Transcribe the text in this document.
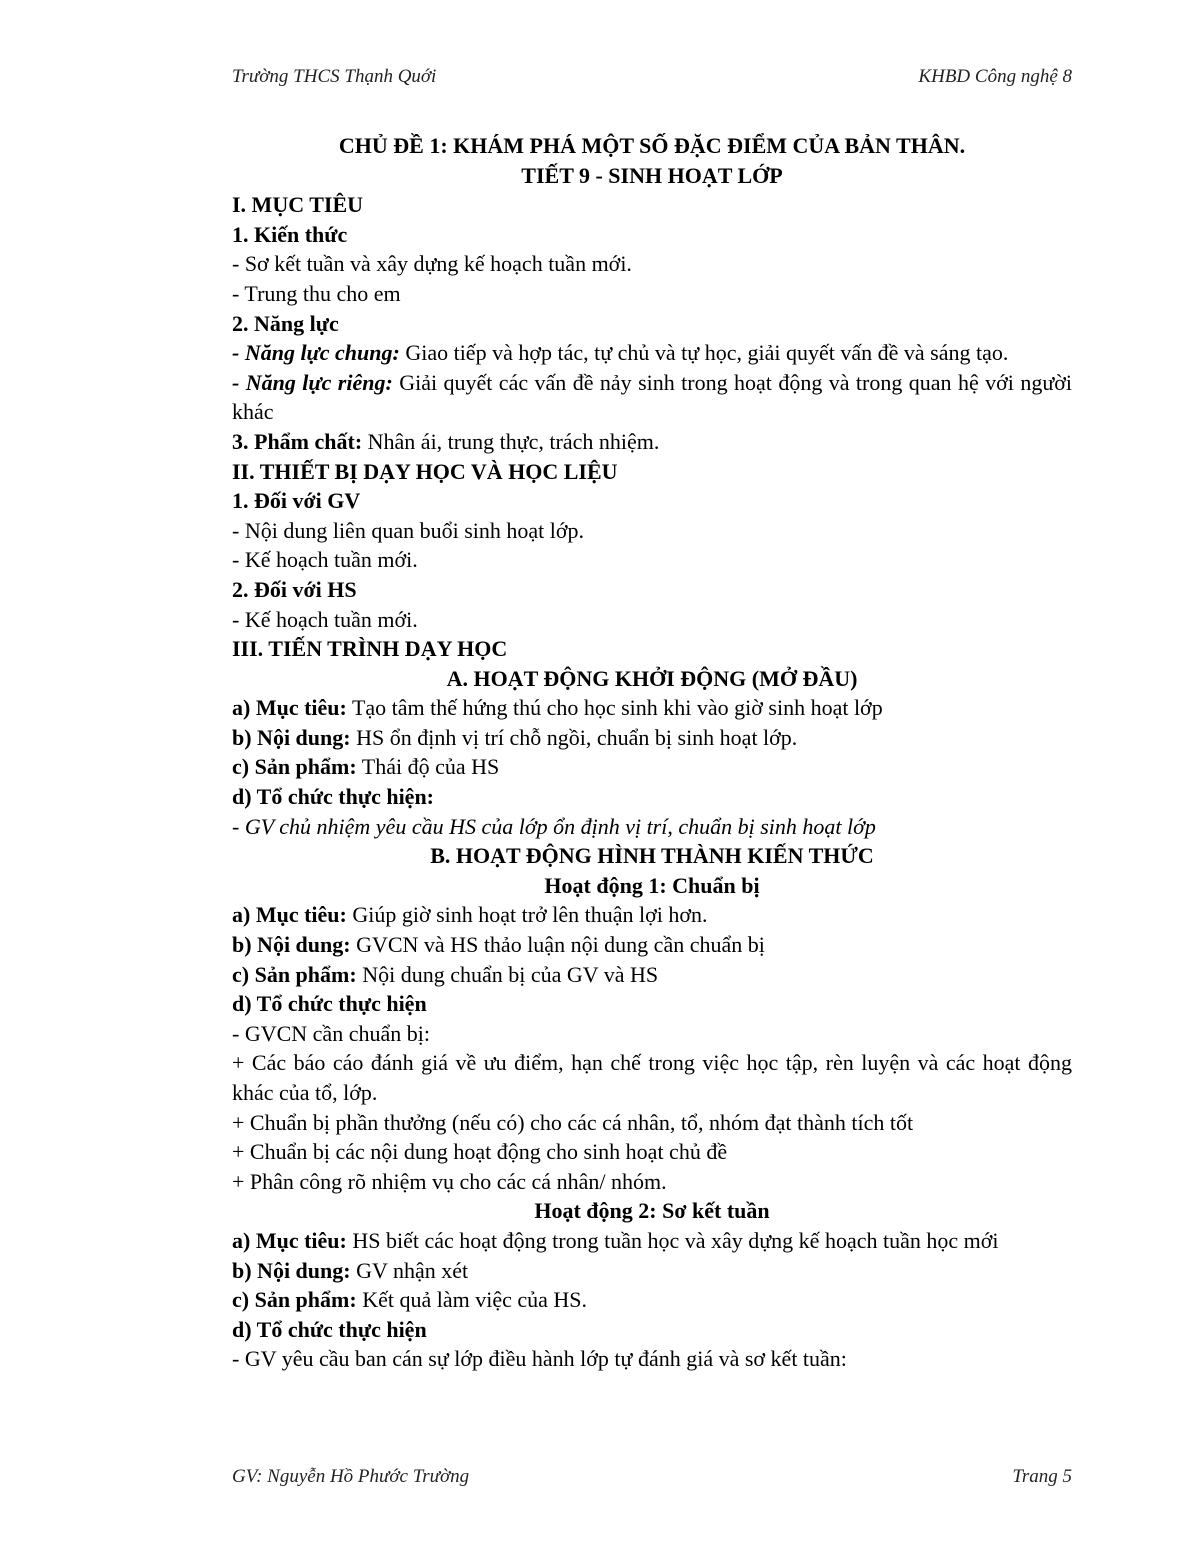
Trường THCS Thạnh Quới	KHBD Công nghệ 8

CHỦ ĐỀ 1: KHÁM PHÁ MỘT SỐ ĐẶC ĐIỂM CỦA BẢN THÂN.

TIẾT 9 - SINH HOẠT LỚP

I. MỤC TIÊU

1. Kiến thức

- Sơ kết tuần và xây dựng kế hoạch tuần mới.

- Trung thu cho em

2. Năng lực

- Năng lực chung: Giao tiếp và hợp tác, tự chủ và tự học, giải quyết vấn đề và sáng tạo.

- Năng lực riêng: Giải quyết các vấn đề nảy sinh trong hoạt động và trong quan hệ với người khác

3. Phẩm chất: Nhân ái, trung thực, trách nhiệm.

II. THIẾT BỊ DẠY HỌC VÀ HỌC LIỆU

1. Đối với GV

- Nội dung liên quan buổi sinh hoạt lớp.

- Kế hoạch tuần mới.

2. Đối với HS

- Kế hoạch tuần mới.

III. TIẾN TRÌNH DẠY HỌC

A. HOẠT ĐỘNG KHỞI ĐỘNG (MỞ ĐẦU)

a) Mục tiêu: Tạo tâm thế hứng thú cho học sinh khi vào giờ sinh hoạt lớp

b) Nội dung: HS ổn định vị trí chỗ ngồi, chuẩn bị sinh hoạt lớp.

c) Sản phẩm: Thái độ của HS

d) Tổ chức thực hiện:

- GV chủ nhiệm yêu cầu HS của lớp ổn định vị trí, chuẩn bị sinh hoạt lớp

B. HOẠT ĐỘNG HÌNH THÀNH KIẾN THỨC

Hoạt động 1: Chuẩn bị

a) Mục tiêu: Giúp giờ sinh hoạt trở lên thuận lợi hơn.

b) Nội dung: GVCN và HS thảo luận nội dung cần chuẩn bị

c) Sản phẩm: Nội dung chuẩn bị của GV và HS

d) Tổ chức thực hiện

- GVCN cần chuẩn bị:

+ Các báo cáo đánh giá về ưu điểm, hạn chế trong việc học tập, rèn luyện và các hoạt động khác của tổ, lớp.

+ Chuẩn bị phần thưởng (nếu có) cho các cá nhân, tổ, nhóm đạt thành tích tốt

+ Chuẩn bị các nội dung hoạt động cho sinh hoạt chủ đề

+ Phân công rõ nhiệm vụ cho các cá nhân/ nhóm.

Hoạt động 2: Sơ kết tuần

a) Mục tiêu: HS biết các hoạt động trong tuần học và xây dựng kế hoạch tuần học mới

b) Nội dung: GV nhận xét

c) Sản phẩm: Kết quả làm việc của HS.

d) Tổ chức thực hiện

- GV yêu cầu ban cán sự lớp điều hành lớp tự đánh giá và sơ kết tuần:

GV: Nguyễn Hồ Phước Trường	Trang 5
